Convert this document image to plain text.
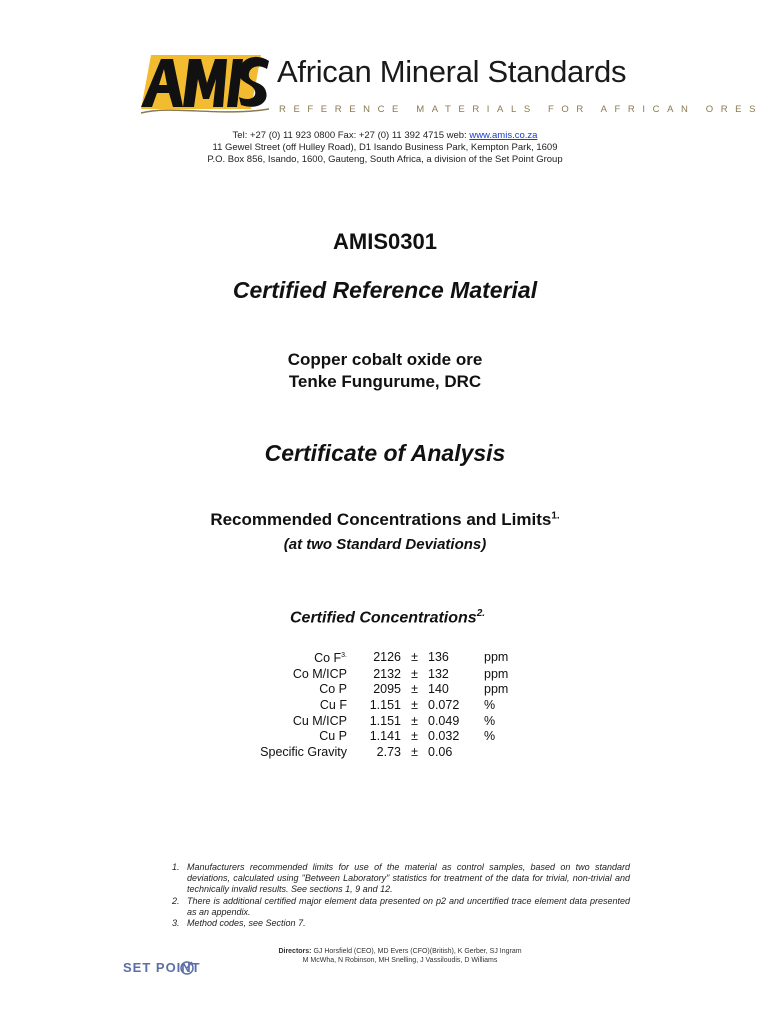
African Mineral Standards
REFERENCE MATERIALS FOR AFRICAN ORES
Tel: +27 (0) 11 923 0800 Fax: +27 (0) 11 392 4715 web: www.amis.co.za
11 Gewel Street (off Hulley Road), D1 Isando Business Park, Kempton Park, 1609
P.O. Box 856, Isando, 1600, Gauteng, South Africa, a division of the Set Point Group
AMIS0301
Certified Reference Material
Copper cobalt oxide ore
Tenke Fungurume, DRC
Certificate of Analysis
Recommended Concentrations and Limits$^{1.}$
(at two Standard Deviations)
Certified Concentrations$^{2.}$
Co $F^{3.}$	2126	±	136	ppm
Co M/ICP	2132	±	132	ppm
Co P	2095	±	140	ppm
Cu F	1.151	±	0.072	%
Cu M/ICP	1.151	±	0.049	%
Cu P	1.141	±	0.032	%
Specific Gravity	2.73	±	0.06	
1. Manufacturers recommended limits for use of the material as control samples, based on two standard deviations, calculated using "Between Laboratory" statistics for treatment of the data for trivial, non-trivial and technically invalid results. See sections 1, 9 and 12.
2. There is additional certified major element data presented on p2 and uncertified trace element data presented as an appendix.
3. Method codes, see Section 7.
Directors: GJ Horsfield (CEO), MD Evers (CFO)(British), K Gerber, SJ Ingram
M McWha, N Robinson, MH Snelling, J Vassiloudis, D Williams
SET POINT
